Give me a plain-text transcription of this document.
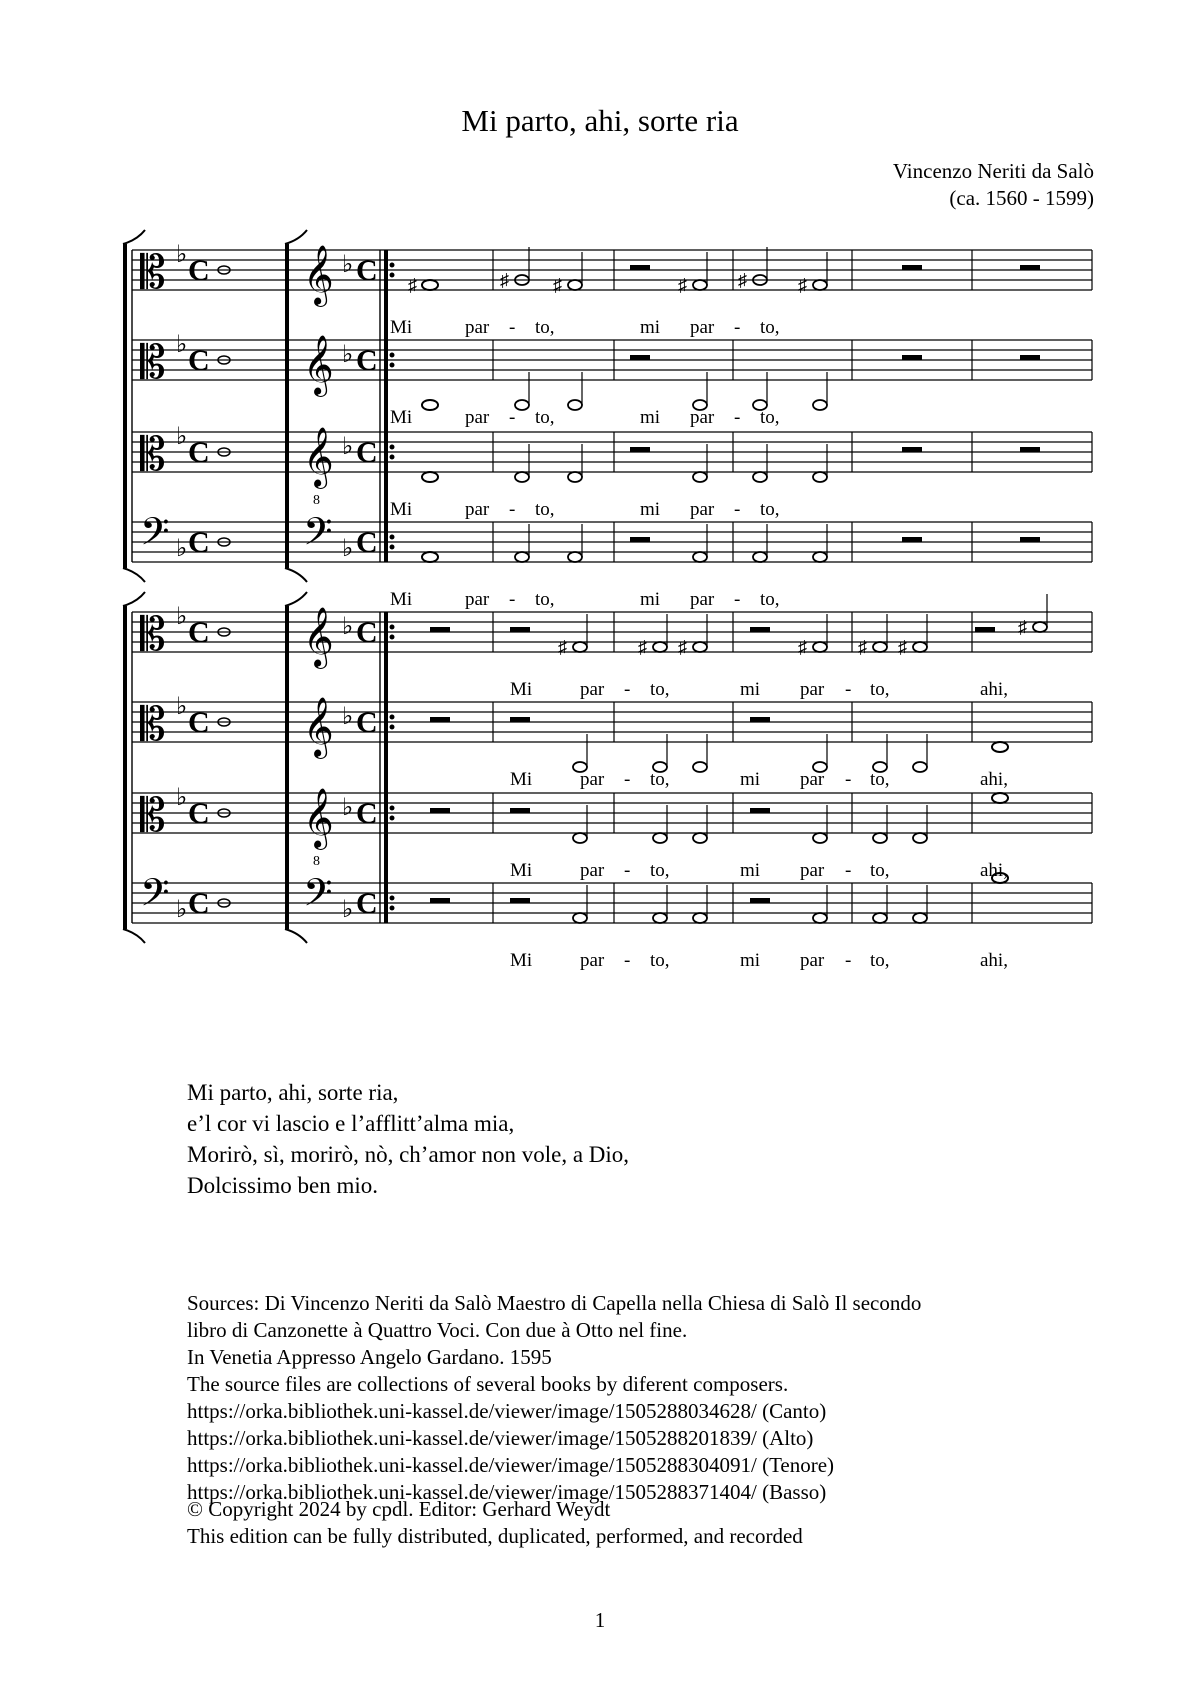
Mi parto, ahi, sorte ria
Vincenzo Neriti da Salò
(ca. 1560 - 1599)
𝄡 ♭ C 𝄞 ♭ C
𝄡 ♭ C 𝄞 ♭ C
𝄡 ♭ C 𝄞
8
♭ C
𝄢 ♭ C 𝄢 ♭ C
𝄡 ♭ C 𝄞 ♭ C
𝄡 ♭ C 𝄞 ♭ C
𝄡 ♭ C 𝄞
8
♭ C
𝄢 ♭ C 𝄢 ♭ C
♯	♯ ♯	♯	♯	♯
♯	♯ ♯	♯	♯ ♯
♯
Mi	par - to,	mi par - to,
Mi	par - to,	mi par - to,
Mi	par - to,	mi par - to,
Mi	par - to,	mi par - to,
Mi	par - to,	mi par - to,	ahi,
Mi	par - to,	mi par - to,	ahi,
Mi	par - to,	mi par - to,	ahi,
Mi	par - to,	mi par - to,	ahi,
Mi parto, ahi, sorte ria,
e’l cor vi lascio e l’afflitt’alma mia,
Morirò, sì, morirò, nò, ch’amor non vole, a Dio,
Dolcissimo ben mio.
Sources: Di Vincenzo Neriti da Salò Maestro di Capella nella Chiesa di Salò Il secondo
libro di Canzonette à Quattro Voci. Con due à Otto nel fine.
In Venetia Appresso Angelo Gardano. 1595
The source files are collections of several books by diferent composers.
https://orka.bibliothek.uni-kassel.de/viewer/image/1505288034628/ (Canto)
https://orka.bibliothek.uni-kassel.de/viewer/image/1505288201839/ (Alto)
https://orka.bibliothek.uni-kassel.de/viewer/image/1505288304091/ (Tenore)
https://orka.bibliothek.uni-kassel.de/viewer/image/1505288371404/ (Basso)
© Copyright 2024 by cpdl. Editor: Gerhard Weydt
This edition can be fully distributed, duplicated, performed, and recorded
1
